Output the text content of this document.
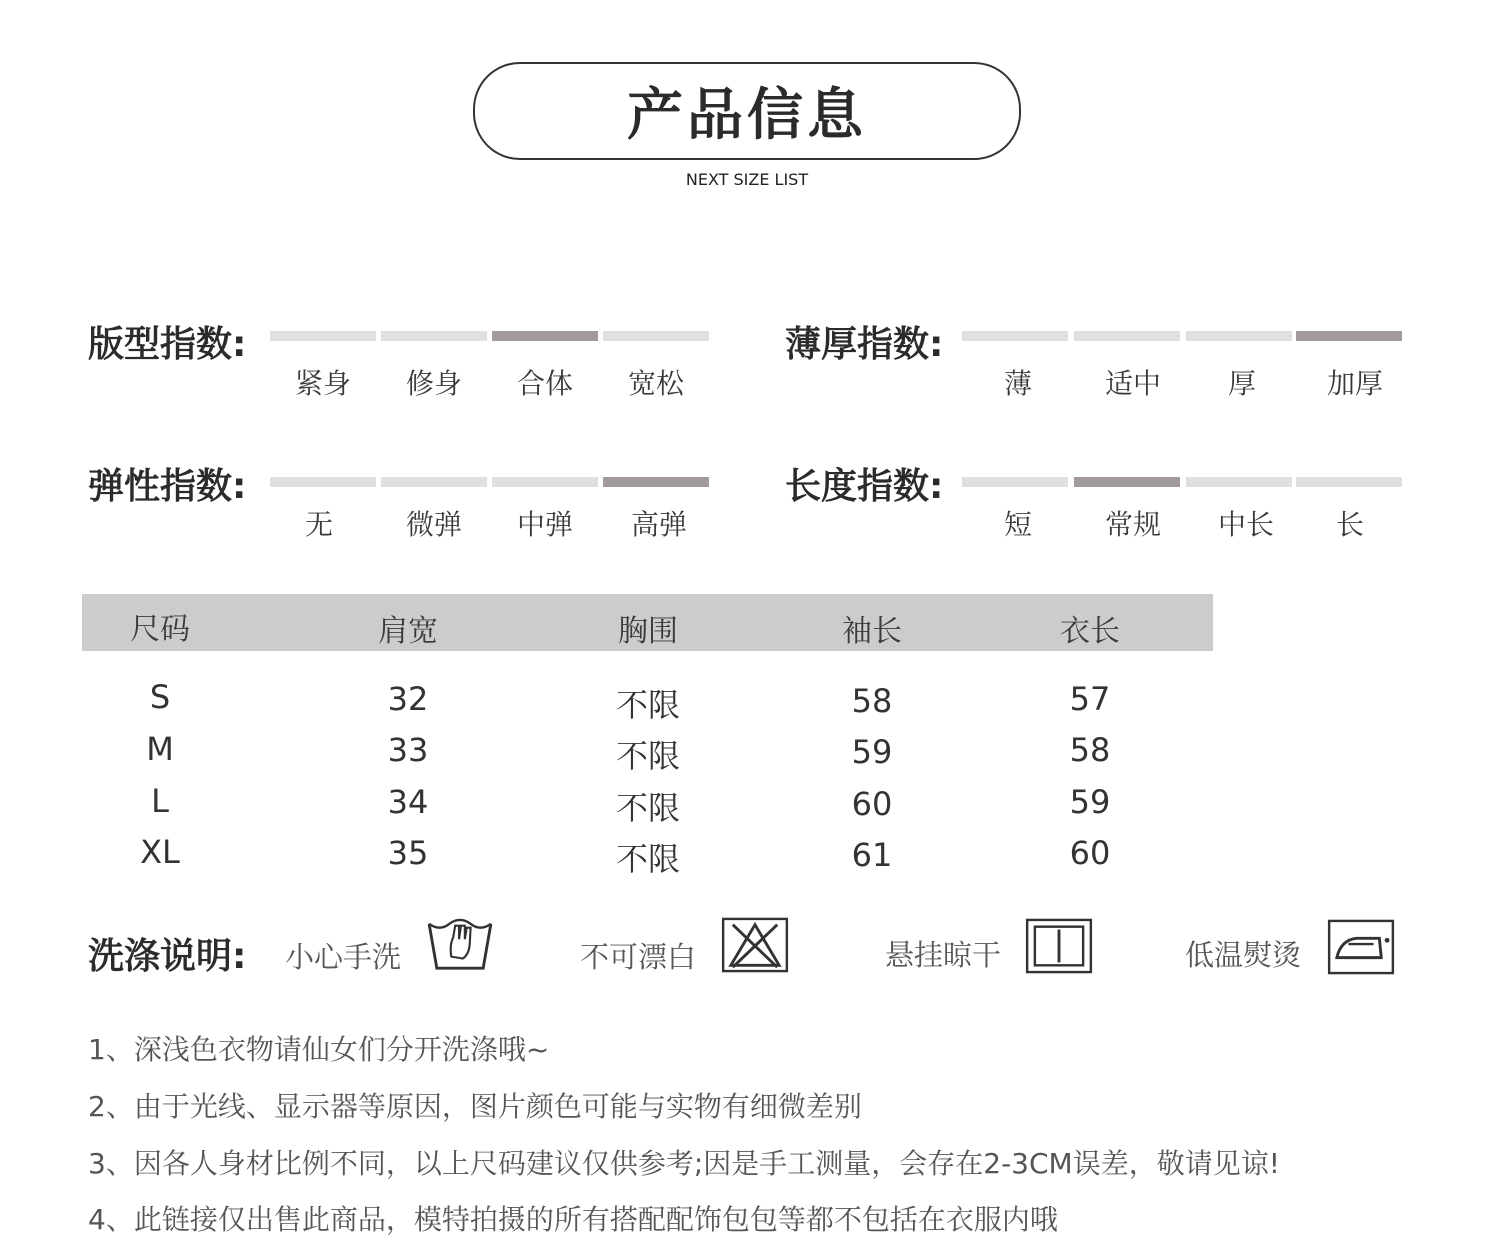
产品信息
NEXT SIZE LIST
版型指数:
紧身	修身	合体	宽松
薄厚指数:
薄	适中	厚	加厚
弹性指数:
无	微弹	中弹	高弹
长度指数:
短	常规	中长	长
尺码	肩宽	胸围	袖长	衣长
S	32	不限	58	57
M	33	不限	59	58
L	34	不限	60	59
XL	35	不限	61	60
洗涤说明: 小心手洗	不可漂白	悬挂晾干	低温熨烫
1、深浅色衣物请仙女们分开洗涤哦~
2、由于光线、显示器等原因，图片颜色可能与实物有细微差别
3、因各人身材比例不同，以上尺码建议仅供参考;因是手工测量，会存在2-3CM误差，敬请见谅!
4、此链接仅出售此商品，模特拍摄的所有搭配配饰包包等都不包括在衣服内哦
